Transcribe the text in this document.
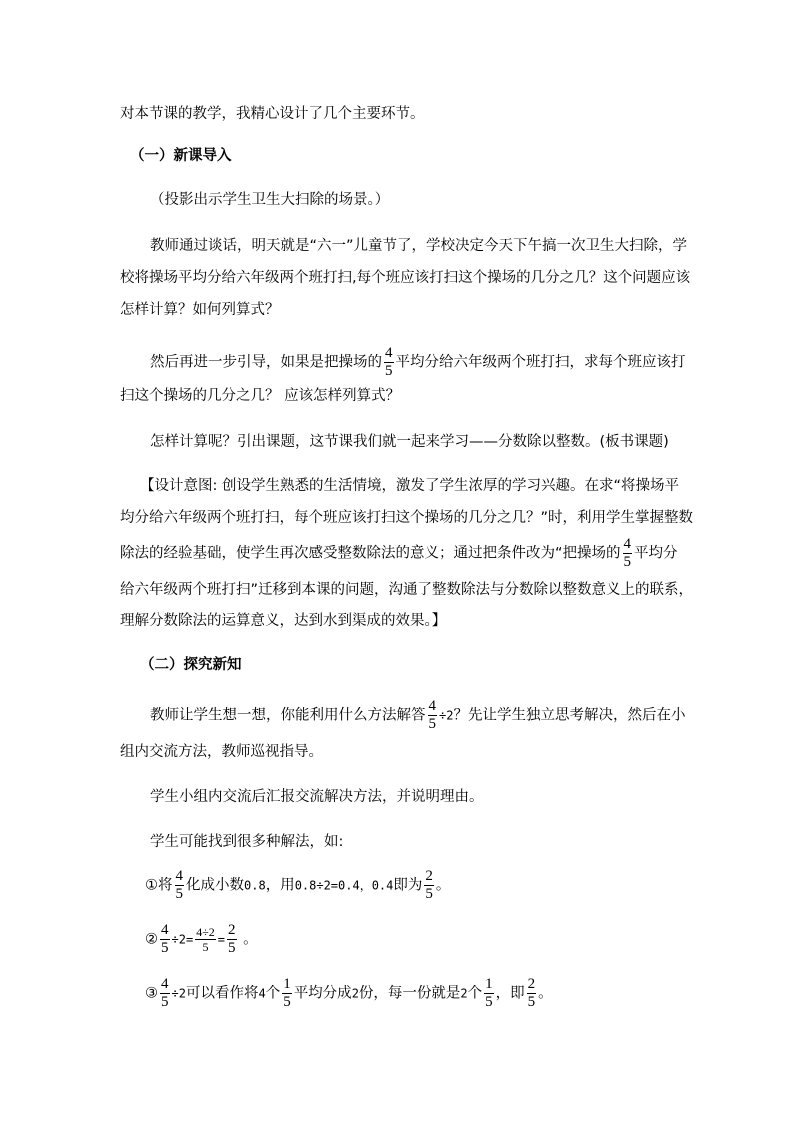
对本节课的教学，我精心设计了几个主要环节。
（一）新课导入
（投影出示学生卫生大扫除的场景。）
教师通过谈话，明天就是“六一”儿童节了，学校决定今天下午搞一次卫生大扫除，学
校将操场平均分给六年级两个班打扫,每个班应该打扫这个操场的几分之几？这个问题应该
怎样计算？如何列算式？
然后再进一步引导，如果是把操场的 $\frac{4}{5}$ 平均分给六年级两个班打扫，求每个班应该打
扫这个操场的几分之几？ 应该怎样列算式？
怎样计算呢？引出课题，这节课我们就一起来学习——分数除以整数。(板书课题)
【设计意图: 创设学生熟悉的生活情境，激发了学生浓厚的学习兴趣。在求“将操场平
均分给六年级两个班打扫，每个班应该打扫这个操场的几分之几？”时，利用学生掌握整数
除法的经验基础，使学生再次感受整数除法的意义；通过把条件改为“把操场的 $\frac{4}{5}$ 平均分
给六年级两个班打扫”迁移到本课的问题，沟通了整数除法与分数除以整数意义上的联系，
理解分数除法的运算意义，达到水到渠成的效果。】
（二）探究新知
教师让学生想一想，你能利用什么方法解答 $\frac{4}{5} \div 2$？先让学生独立思考解决，然后在小
组内交流方法，教师巡视指导。
学生小组内交流后汇报交流解决方法，并说明理由。
学生可能找到很多种解法，如:
①将 $\frac{4}{5}$ 化成小数0.8，用0.8÷2=0.4，0.4即为 $\frac{2}{5}$ 。
② $\frac{4}{5} \div 2= \frac{4\div 2}{5} = \frac{2}{5}$ 。
③ $\frac{4}{5} \div 2$可以看作将4个 $\frac{1}{5}$ 平均分成2份，每一份就是2个 $\frac{1}{5}$ ，即 $\frac{2}{5}$ 。
